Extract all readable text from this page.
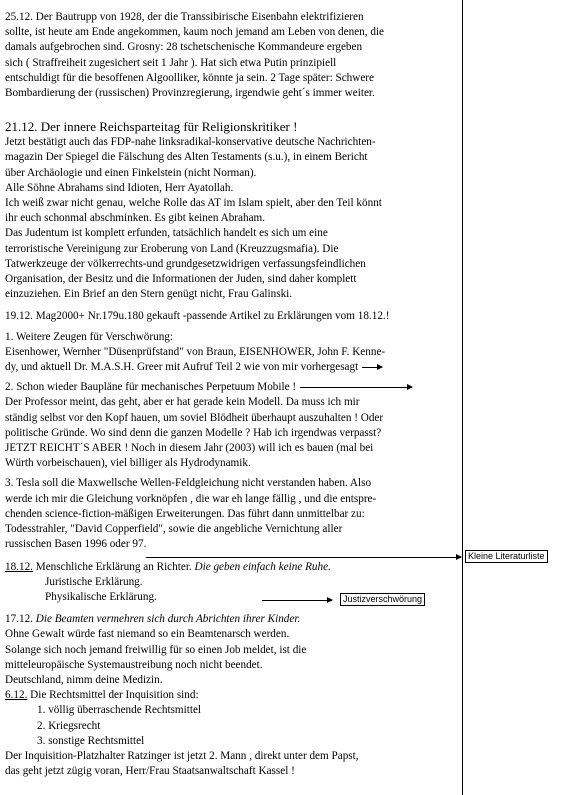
25.12. Der Bautrupp von 1928, der die Transsibirische Eisenbahn elektrifizieren
sollte, ist heute am Ende angekommen, kaum noch jemand am Leben von denen, die
damals aufgebrochen sind. Grosny: 28 tschetschenische Kommandeure ergeben
sich ( Straffreiheit zugesichert seit 1 Jahr ). Hat sich etwa Putin prinzipiell
entschuldigt für die besoffenen Algoolliker, könnte ja sein. 2 Tage später: Schwere
Bombardierung der (russischen) Provinzregierung, irgendwie geht´s immer weiter.
21.12. Der innere Reichsparteitag für Religionskritiker !
Jetzt bestätigt auch das FDP-nahe linksradikal-konservative deutsche Nachrichten-
magazin Der Spiegel die Fälschung des Alten Testaments (s.u.), in einem Bericht
über Archäologie und einen Finkelstein (nicht Norman).
Alle Söhne Abrahams sind Idioten, Herr Ayatollah.
Ich weiß zwar nicht genau, welche Rolle das AT im Islam spielt, aber den Teil könnt
ihr euch schonmal abschminken. Es gibt keinen Abraham.
Das Judentum ist komplett erfunden, tatsächlich handelt es sich um eine
terroristische Vereinigung zur Eroberung von Land (Kreuzzugsmafia). Die
Tatwerkzeuge der völkerrechts-und grundgesetzwidrigen verfassungsfeindlichen
Organisation, der Besitz und die Informationen der Juden, sind daher komplett
einzuziehen. Ein Brief an den Stern genügt nicht, Frau Galinski.
19.12. Mag2000+ Nr.179u.180 gekauft -passende Artikel zu Erklärungen vom 18.12.!
1. Weitere Zeugen für Verschwörung:
Eisenhower, Wernher "Düsenprüfstand" von Braun, EISENHOWER, John F. Kenne-
dy, und aktuell Dr. M.A.S.H. Greer mit Aufruf Teil 2 wie von mir vorhergesagt
2. Schon wieder Baupläne für mechanisches Perpetuum Mobile !
Der Professor meint, das geht, aber er hat gerade kein Modell. Da muss ich mir
ständig selbst vor den Kopf hauen, um soviel Blödheit überhaupt auszuhalten ! Oder
politische Gründe. Wo sind denn die ganzen Modelle ? Hab ich irgendwas verpasst?
JETZT REICHT´S ABER ! Noch in diesem Jahr (2003) will ich es bauen (mal bei
Würth vorbeischauen), viel billiger als Hydrodynamik.
3. Tesla soll die Maxwellsche Wellen-Feldgleichung nicht verstanden haben. Also
werde ich mir die Gleichung vorknöpfen , die war eh lange fällig , und die entspre-
chenden science-fiction-mäßigen Erweiterungen. Das führt dann unmittelbar zu:
Todesstrahler, "David Copperfield", sowie die angebliche Vernichtung aller
russischen Basen 1996 oder 97.
18.12. Menschliche Erklärung an Richter. Die geben einfach keine Ruhe.
Juristische Erklärung.
Physikalische Erklärung.
17.12. Die Beamten vermehren sich durch Abrichten ihrer Kinder.
Ohne Gewalt würde fast niemand so ein Beamtenarsch werden.
Solange sich noch jemand freiwillig für so einen Job meldet, ist die
mitteleuropäische Systemaustreibung noch nicht beendet.
Deutschland, nimm deine Medizin.
6.12. Die Rechtsmittel der Inquisition sind:
1. völlig überraschende Rechtsmittel
2. Kriegsrecht
3. sonstige Rechtsmittel
Der Inquisition-Platzhalter Ratzinger ist jetzt 2. Mann , direkt unter dem Papst,
das geht jetzt zügig voran, Herr/Frau Staatsanwaltschaft Kassel !
Kleine Literaturliste
Justizverschwörung
